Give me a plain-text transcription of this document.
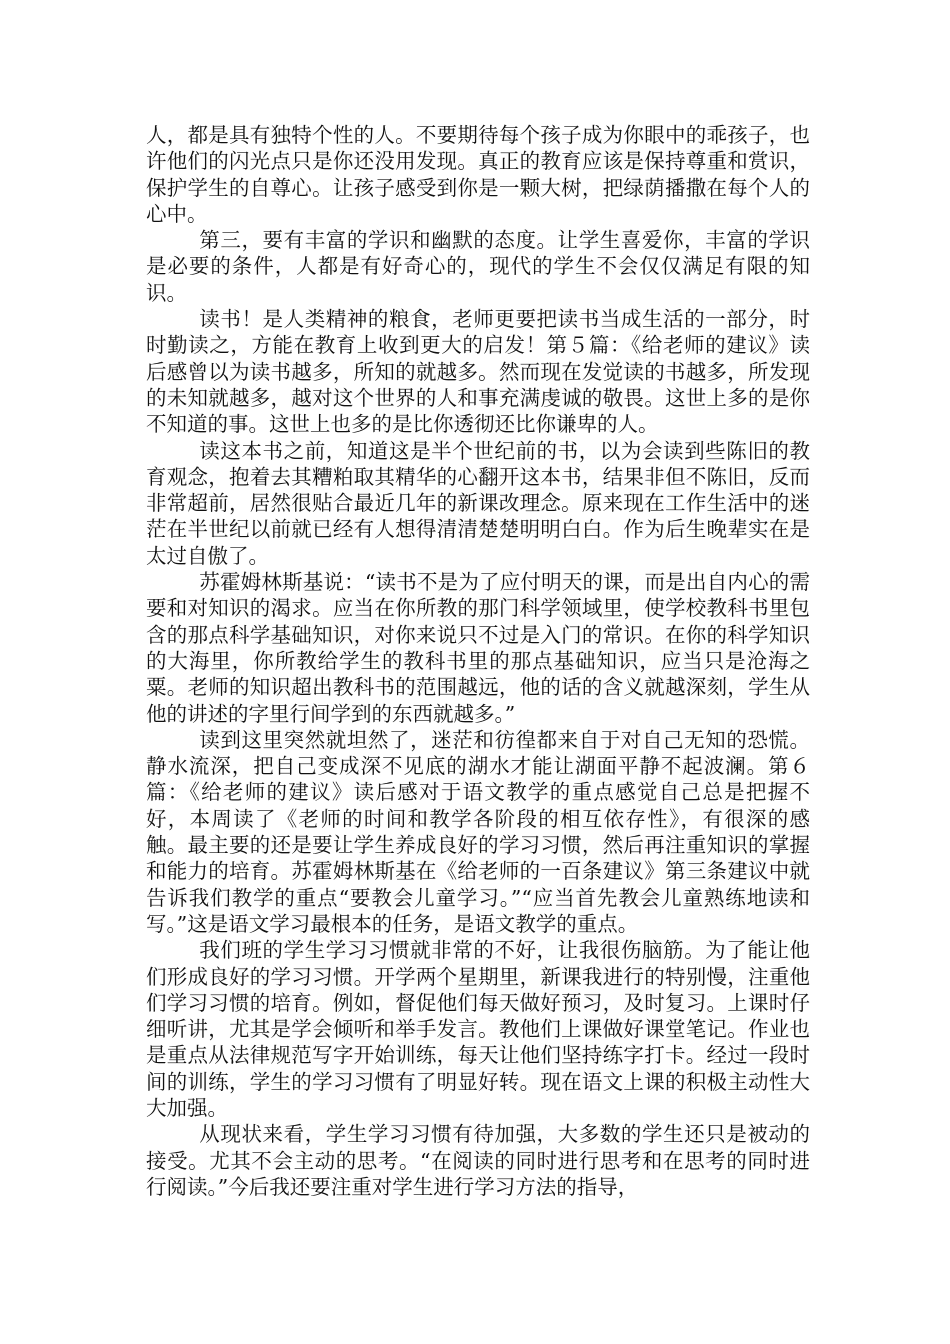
人，都是具有独特个性的人。不要期待每个孩子成为你眼中的乖孩子，也许他们的闪光点只是你还没用发现。真正的教育应该是保持尊重和赏识，保护学生的自尊心。让孩子感受到你是一颗大树，把绿荫播撒在每个人的心中。

第三，要有丰富的学识和幽默的态度。让学生喜爱你，丰富的学识是必要的条件，人都是有好奇心的，现代的学生不会仅仅满足有限的知识。

读书！是人类精神的粮食，老师更要把读书当成生活的一部分，时时勤读之，方能在教育上收到更大的启发！第５篇：《给老师的建议》读后感曾以为读书越多，所知的就越多。然而现在发觉读的书越多，所发现的未知就越多，越对这个世界的人和事充满虔诚的敬畏。这世上多的是你不知道的事。这世上也多的是比你透彻还比你谦卑的人。

读这本书之前，知道这是半个世纪前的书，以为会读到些陈旧的教育观念，抱着去其糟粕取其精华的心翻开这本书，结果非但不陈旧，反而非常超前，居然很贴合最近几年的新课改理念。原来现在工作生活中的迷茫在半世纪以前就已经有人想得清清楚楚明明白白。作为后生晚辈实在是太过自傲了。

苏霍姆林斯基说：“读书不是为了应付明天的课，而是出自内心的需要和对知识的渴求。应当在你所教的那门科学领域里，使学校教科书里包含的那点科学基础知识，对你来说只不过是入门的常识。在你的科学知识的大海里，你所教给学生的教科书里的那点基础知识，应当只是沧海之粟。老师的知识超出教科书的范围越远，他的话的含义就越深刻，学生从他的讲述的字里行间学到的东西就越多。”

读到这里突然就坦然了，迷茫和彷徨都来自于对自己无知的恐慌。静水流深，把自己变成深不见底的湖水才能让湖面平静不起波澜。第６篇：《给老师的建议》读后感对于语文教学的重点感觉自己总是把握不好，本周读了《老师的时间和教学各阶段的相互依存性》，有很深的感触。最主要的还是要让学生养成良好的学习习惯，然后再注重知识的掌握和能力的培育。苏霍姆林斯基在《给老师的一百条建议》第三条建议中就告诉我们教学的重点“要教会儿童学习。”“应当首先教会儿童熟练地读和写。”这是语文学习最根本的任务，是语文教学的重点。

我们班的学生学习习惯就非常的不好，让我很伤脑筋。为了能让他们形成良好的学习习惯。开学两个星期里，新课我进行的特别慢，注重他们学习习惯的培育。例如，督促他们每天做好预习，及时复习。上课时仔细听讲，尤其是学会倾听和举手发言。教他们上课做好课堂笔记。作业也是重点从法律规范写字开始训练，每天让他们坚持练字打卡。经过一段时间的训练，学生的学习习惯有了明显好转。现在语文上课的积极主动性大大加强。

从现状来看，学生学习习惯有待加强，大多数的学生还只是被动的接受。尤其不会主动的思考。“在阅读的同时进行思考和在思考的同时进行阅读。”今后我还要注重对学生进行学习方法的指导，
